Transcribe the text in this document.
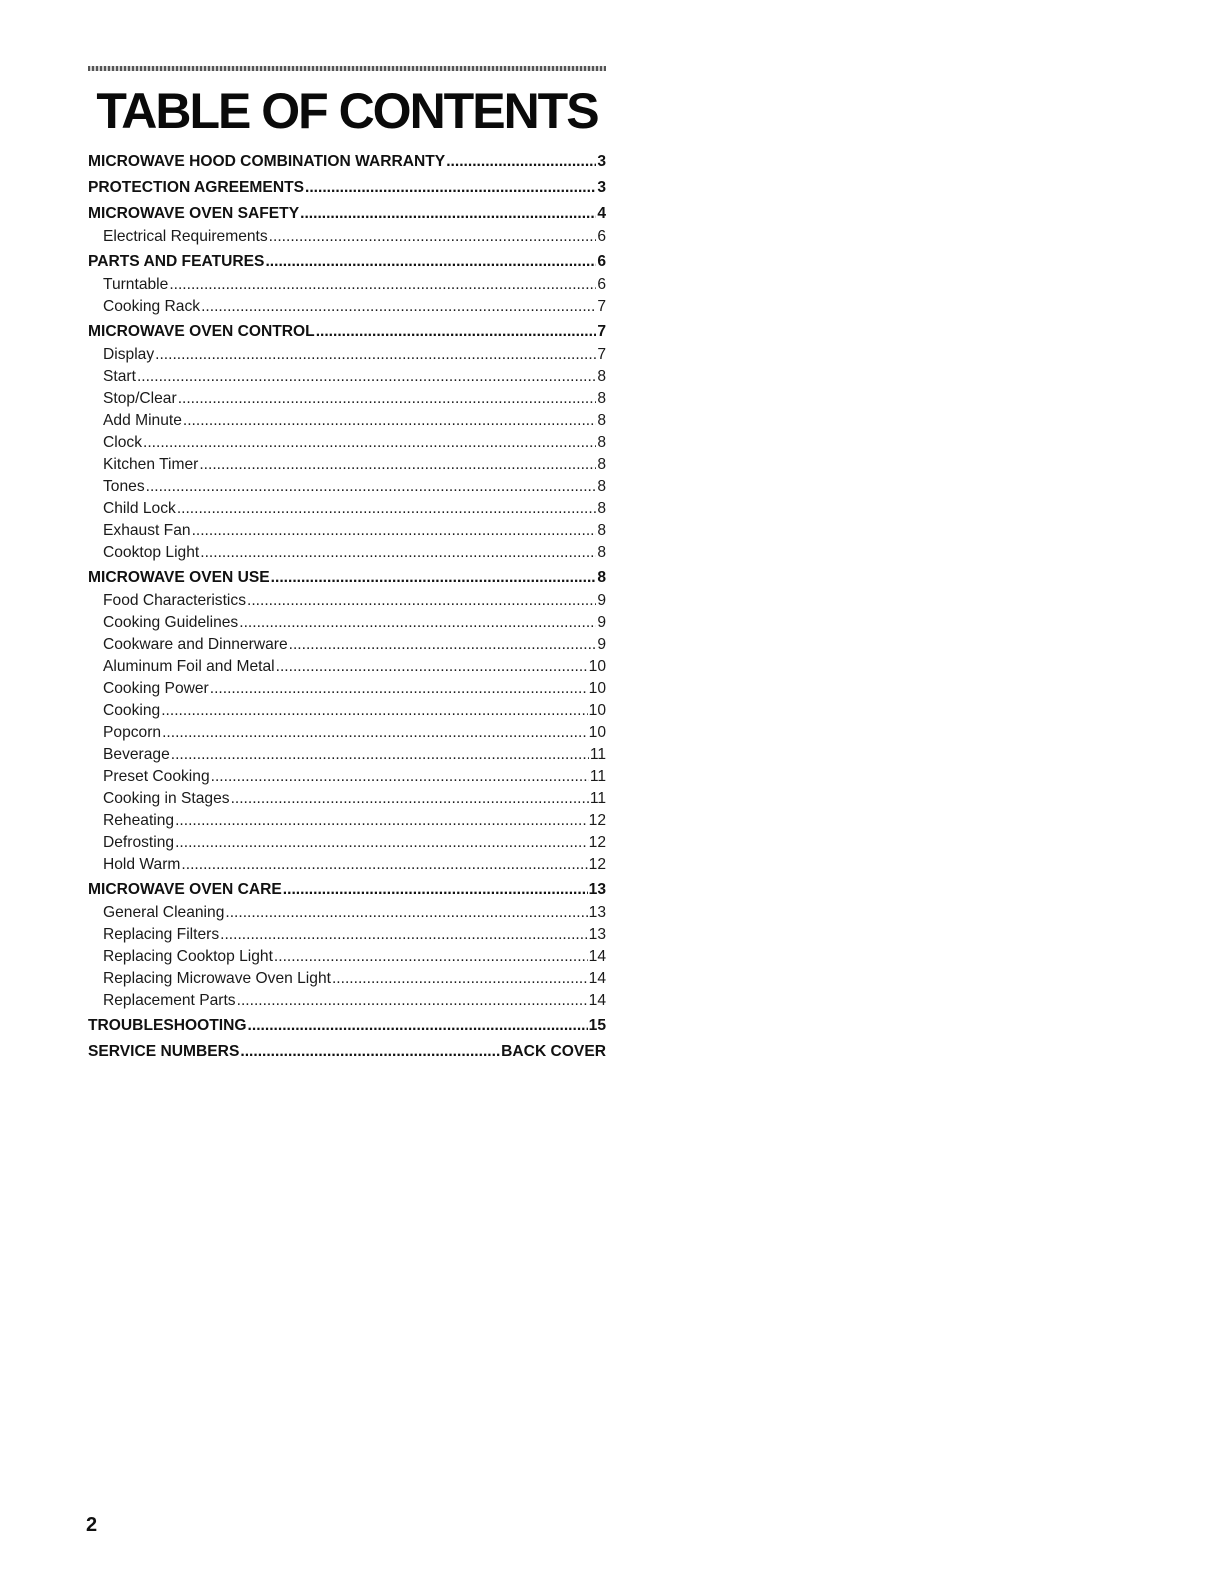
TABLE OF CONTENTS
MICROWAVE HOOD COMBINATION WARRANTY .....	3
PROTECTION AGREEMENTS .....	3
MICROWAVE OVEN SAFETY .....	4
Electrical Requirements .....	6
PARTS AND FEATURES .....	6
Turntable .....	6
Cooking Rack .....	7
MICROWAVE OVEN CONTROL .....	7
Display .....	7
Start .....	8
Stop/Clear .....	8
Add Minute .....	8
Clock .....	8
Kitchen Timer .....	8
Tones .....	8
Child Lock .....	8
Exhaust Fan .....	8
Cooktop Light .....	8
MICROWAVE OVEN USE .....	8
Food Characteristics .....	9
Cooking Guidelines .....	9
Cookware and Dinnerware .....	9
Aluminum Foil and Metal .....	10
Cooking Power .....	10
Cooking .....	10
Popcorn .....	10
Beverage .....	11
Preset Cooking .....	11
Cooking in Stages .....	11
Reheating .....	12
Defrosting .....	12
Hold Warm .....	12
MICROWAVE OVEN CARE .....	13
General Cleaning .....	13
Replacing Filters .....	13
Replacing Cooktop Light .....	14
Replacing Microwave Oven Light .....	14
Replacement Parts .....	14
TROUBLESHOOTING .....	15
SERVICE NUMBERS .....	BACK COVER
2
